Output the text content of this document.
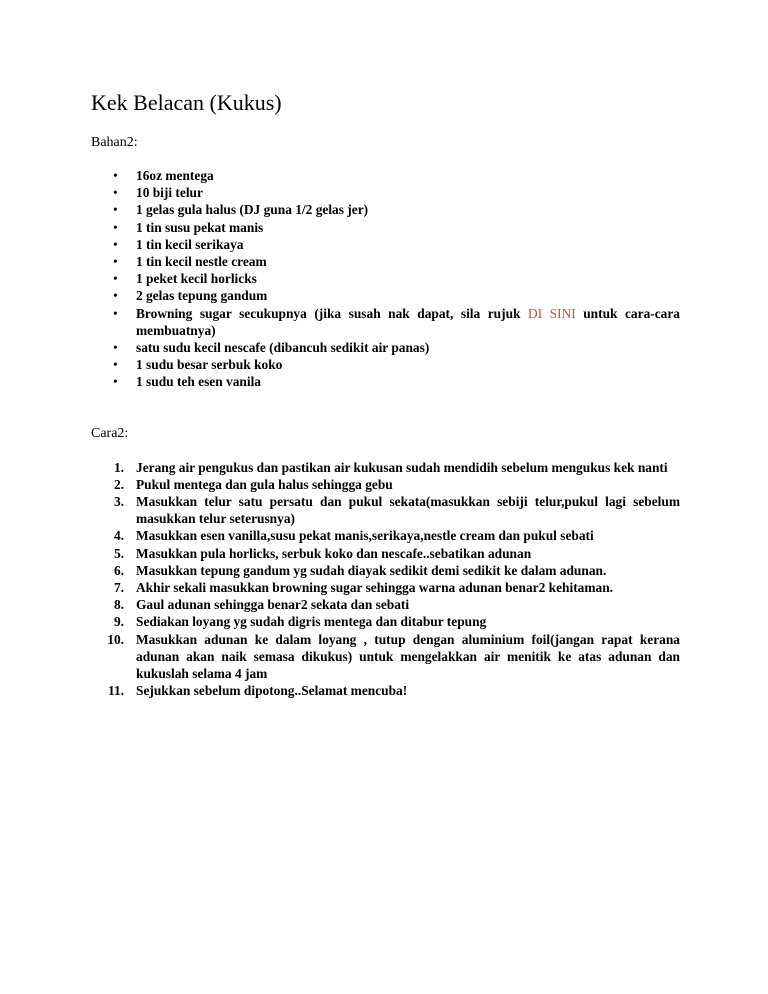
Kek Belacan (Kukus)

Bahan2:

• 16oz mentega
• 10 biji telur
• 1 gelas gula halus (DJ guna 1/2 gelas jer)
• 1 tin susu pekat manis
• 1 tin kecil serikaya
• 1 tin kecil nestle cream
• 1 peket kecil horlicks
• 2 gelas tepung gandum
• Browning sugar secukupnya (jika susah nak dapat, sila rujuk DI SINI untuk cara-cara membuatnya)
• satu sudu kecil nescafe (dibancuh sedikit air panas)
• 1 sudu besar serbuk koko
• 1 sudu teh esen vanila

Cara2:

1. Jerang air pengukus dan pastikan air kukusan sudah mendidih sebelum mengukus kek nanti
2. Pukul mentega dan gula halus sehingga gebu
3. Masukkan telur satu persatu dan pukul sekata(masukkan sebiji telur,pukul lagi sebelum masukkan telur seterusnya)
4. Masukkan esen vanilla,susu pekat manis,serikaya,nestle cream dan pukul sebati
5. Masukkan pula horlicks, serbuk koko dan nescafe..sebatikan adunan
6. Masukkan tepung gandum yg sudah diayak sedikit demi sedikit ke dalam adunan.
7. Akhir sekali masukkan browning sugar sehingga warna adunan benar2 kehitaman.
8. Gaul adunan sehingga benar2 sekata dan sebati
9. Sediakan loyang yg sudah digris mentega dan ditabur tepung
10. Masukkan adunan ke dalam loyang , tutup dengan aluminium foil(jangan rapat kerana adunan akan naik semasa dikukus) untuk mengelakkan air menitik ke atas adunan dan kukuslah selama 4 jam
11. Sejukkan sebelum dipotong..Selamat mencuba!
